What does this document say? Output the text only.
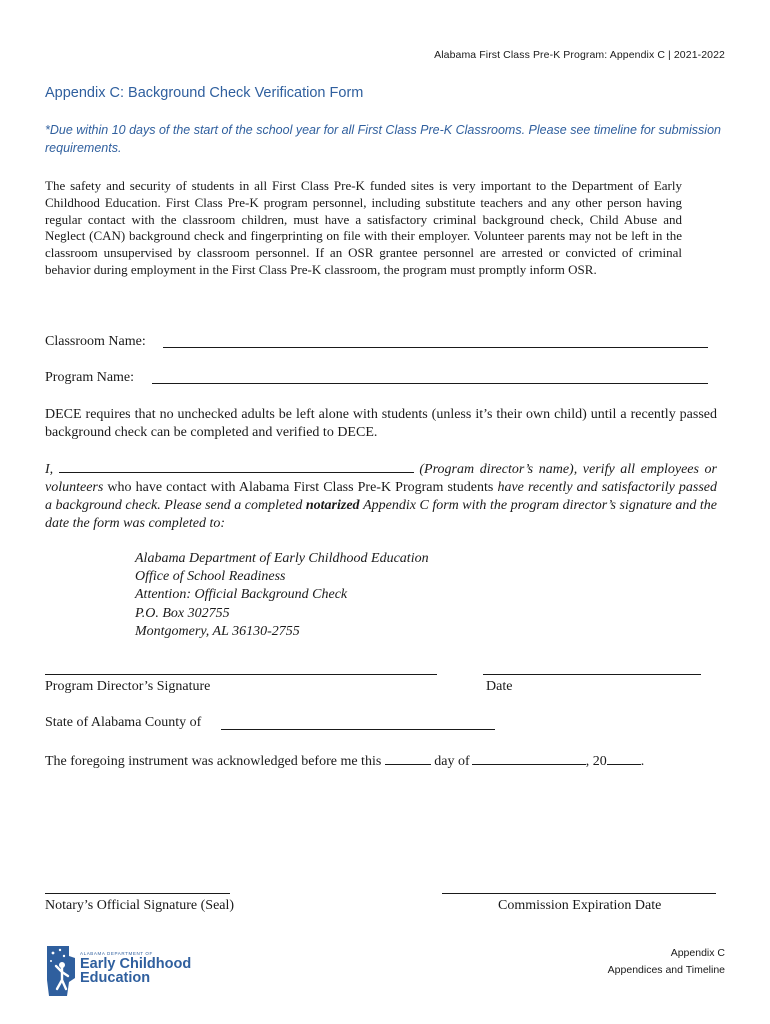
Alabama First Class Pre-K Program: Appendix C | 2021-2022
Appendix C: Background Check Verification Form
*Due within 10 days of the start of the school year for all First Class Pre-K Classrooms. Please see timeline for submission requirements.
The safety and security of students in all First Class Pre-K funded sites is very important to the Department of Early Childhood Education. First Class Pre-K program personnel, including substitute teachers and any other person having regular contact with the classroom children, must have a satisfactory criminal background check, Child Abuse and Neglect (CAN) background check and fingerprinting on file with their employer. Volunteer parents may not be left in the classroom unsupervised by classroom personnel. If an OSR grantee personnel are arrested or convicted of criminal behavior during employment in the First Class Pre-K classroom, the program must promptly inform OSR.
Classroom Name:
Program Name:
DECE requires that no unchecked adults be left alone with students (unless it’s their own child) until a recently passed background check can be completed and verified to DECE.
I,	(Program director’s name), verify all employees or volunteers who have contact with Alabama First Class Pre-K Program students have recently and satisfactorily passed a background check. Please send a completed notarized Appendix C form with the program director’s signature and the date the form was completed to:
Alabama Department of Early Childhood Education
Office of School Readiness
Attention: Official Background Check
P.O. Box 302755
Montgomery, AL 36130-2755
Program Director’s Signature	Date
State of Alabama County of
The foregoing instrument was acknowledged before me this	day of	, 20 .
Notary’s Official Signature (Seal)	Commission Expiration Date
ALABAMA DEPARTMENT OF
Early Childhood
Education
Appendix C
Appendices and Timeline
